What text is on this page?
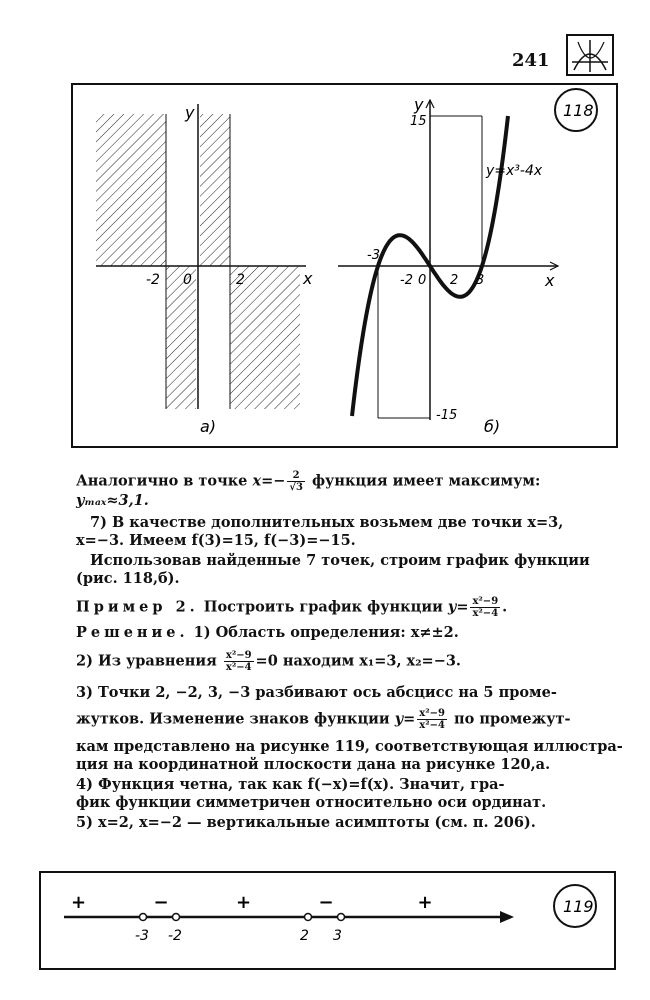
241
y
x
-2 0	2
а)
y
x
15
-15
-3
-2 0 2 3
y=x³-4x
б)
118
Аналогично в точке $x=- \frac{2}{√3}$ функция имеет максимум:
yₘₐₓ≈3,1.
7) В качестве дополнительных возьмем две точки x=3,
x=−3. Имеем f(3)=15, f(−3)=−15.
Использовав найденные 7 точек, строим график функции
(рис. 118,б).
Пример 2. Построить график функции $y= \frac{\text{x²−9}}{\text{x²−4}}$ .
Решение. 1) Область определения: x≠±2.
2) Из уравнения $\frac{\text{x²−9}}{\text{x²−4}} =0$ находим x₁=3, x₂=−3.
3) Точки 2, −2, 3, −3 разбивают ось абсцисс на 5 проме-
жутков. Изменение знаков функции $y= \frac{\text{x²−9}}{\text{x²−4}}$ по промежут-
кам представлено на рисунке 119, соответствующая иллюстра-
ция на координатной плоскости дана на рисунке 120,а.
4) Функция четна, так как f(−x)=f(x). Значит, гра-
фик функции симметричен относительно оси ординат.
5) x=2, x=−2 — вертикальные асимптоты (см. п. 206).
-3 -2	2 3
+	−	+	−	+	119
